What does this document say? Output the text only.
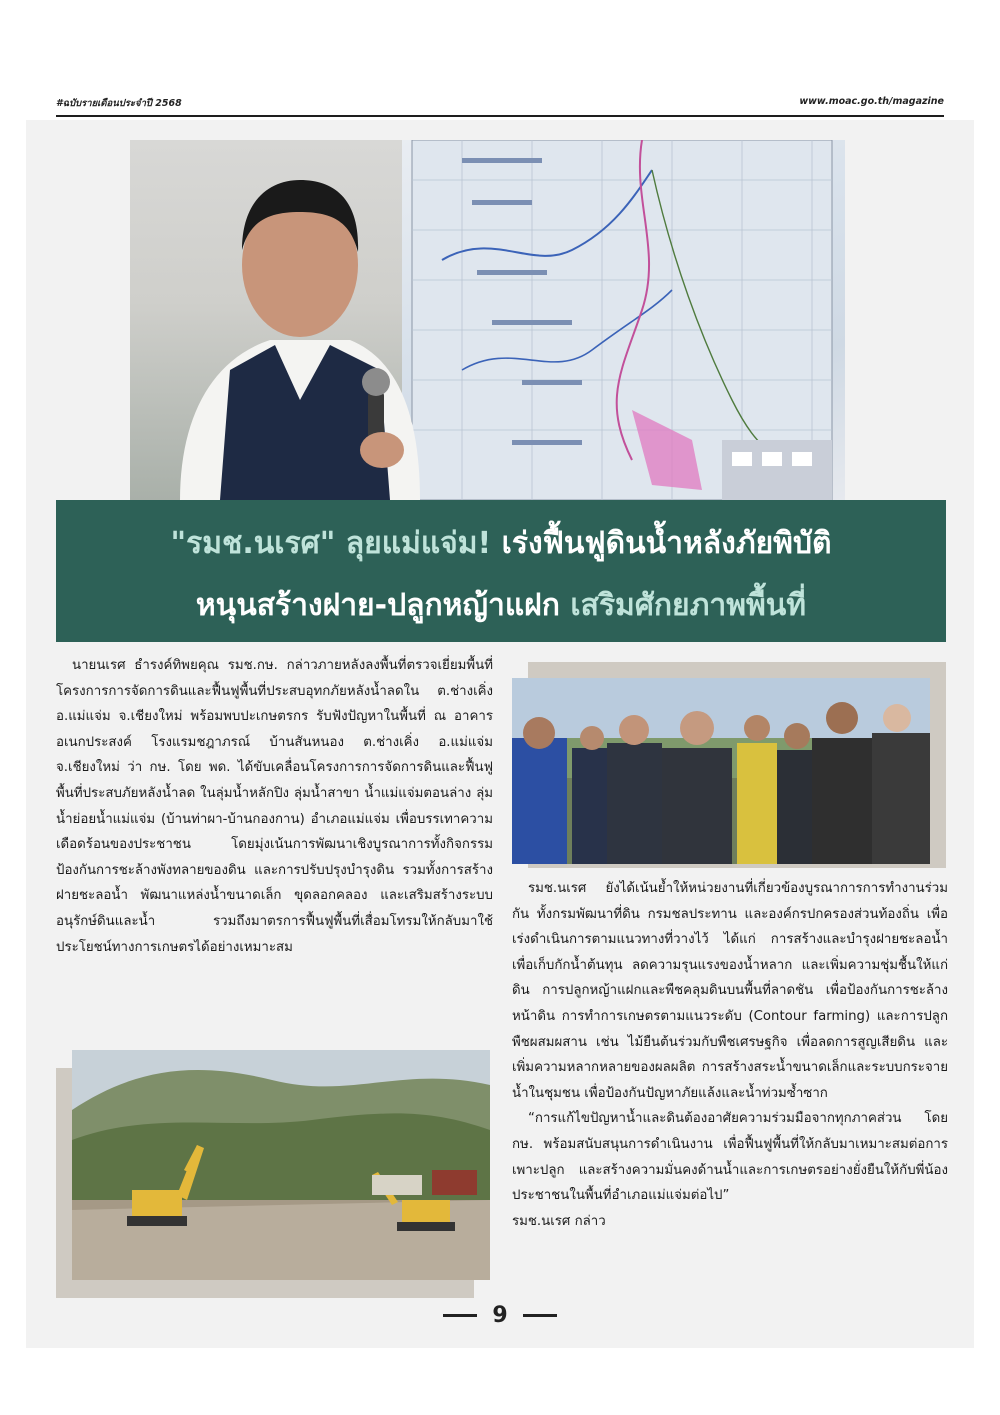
#ฉบับรายเดือนประจำปี 2568	www.moac.go.th/magazine
"รมช.นเรศ" ลุยแม่แจ่ม! เร่งฟื้นฟูดินน้ำหลังภัยพิบัติ
หนุนสร้างฝาย-ปลูกหญ้าแฝก เสริมศักยภาพพื้นที่

นายนเรศ ธำรงค์ทิพยคุณ รมช.กษ. กล่าวภายหลังลงพื้นที่ตรวจเยี่ยมพื้นที่โครงการการจัดการดินและฟื้นฟูพื้นที่ประสบอุทกภัยหลังน้ำลดใน ต.ช่างเคิ่ง อ.แม่แจ่ม จ.เชียงใหม่ พร้อมพบปะเกษตรกร รับฟังปัญหาในพื้นที่ ณ อาคารอเนกประสงค์ โรงแรมชฎาภรณ์ บ้านสันหนอง ต.ช่างเคิ่ง อ.แม่แจ่ม จ.เชียงใหม่ ว่า กษ. โดย พด. ได้ขับเคลื่อนโครงการการจัดการดินและฟื้นฟูพื้นที่ประสบภัยหลังน้ำลด ในลุ่มน้ำหลักปิง ลุ่มน้ำสาขา น้ำแม่แจ่มตอนล่าง ลุ่มน้ำย่อยน้ำแม่แจ่ม (บ้านท่าผา-บ้านกองกาน) อำเภอแม่แจ่ม เพื่อบรรเทาความเดือดร้อนของประชาชน โดยมุ่งเน้นการพัฒนาเชิงบูรณาการทั้งกิจกรรม ป้องกันการชะล้างพังทลายของดิน และการปรับปรุงบำรุงดิน รวมทั้งการสร้างฝายชะลอน้ำ พัฒนาแหล่งน้ำขนาดเล็ก ขุดลอกคลอง และเสริมสร้างระบบอนุรักษ์ดินและน้ำ รวมถึงมาตรการฟื้นฟูพื้นที่เสื่อมโทรมให้กลับมาใช้ประโยชน์ทางการเกษตรได้อย่างเหมาะสม

รมช.นเรศ ยังได้เน้นย้ำให้หน่วยงานที่เกี่ยวข้องบูรณาการการทำงานร่วมกัน ทั้งกรมพัฒนาที่ดิน กรมชลประทาน และองค์กรปกครองส่วนท้องถิ่น เพื่อเร่งดำเนินการตามแนวทางที่วางไว้ ได้แก่ การสร้างและบำรุงฝายชะลอน้ำ เพื่อเก็บกักน้ำต้นทุน ลดความรุนแรงของน้ำหลาก และเพิ่มความชุ่มชื้นให้แก่ดิน การปลูกหญ้าแฝกและพืชคลุมดินบนพื้นที่ลาดชัน เพื่อป้องกันการชะล้างหน้าดิน การทำการเกษตรตามแนวระดับ (Contour farming) และการปลูกพืชผสมผสาน เช่น ไม้ยืนต้นร่วมกับพืชเศรษฐกิจ เพื่อลดการสูญเสียดิน และเพิ่มความหลากหลายของผลผลิต การสร้างสระน้ำขนาดเล็กและระบบกระจายน้ำในชุมชน เพื่อป้องกันปัญหาภัยแล้งและน้ำท่วมซ้ำซาก

“การแก้ไขปัญหาน้ำและดินต้องอาศัยความร่วมมือจากทุกภาคส่วน โดย กษ. พร้อมสนับสนุนการดำเนินงาน เพื่อฟื้นฟูพื้นที่ให้กลับมาเหมาะสมต่อการเพาะปลูก และสร้างความมั่นคงด้านน้ำและการเกษตรอย่างยั่งยืนให้กับพี่น้องประชาชนในพื้นที่อำเภอแม่แจ่มต่อไป”

รมช.นเรศ กล่าว

9
